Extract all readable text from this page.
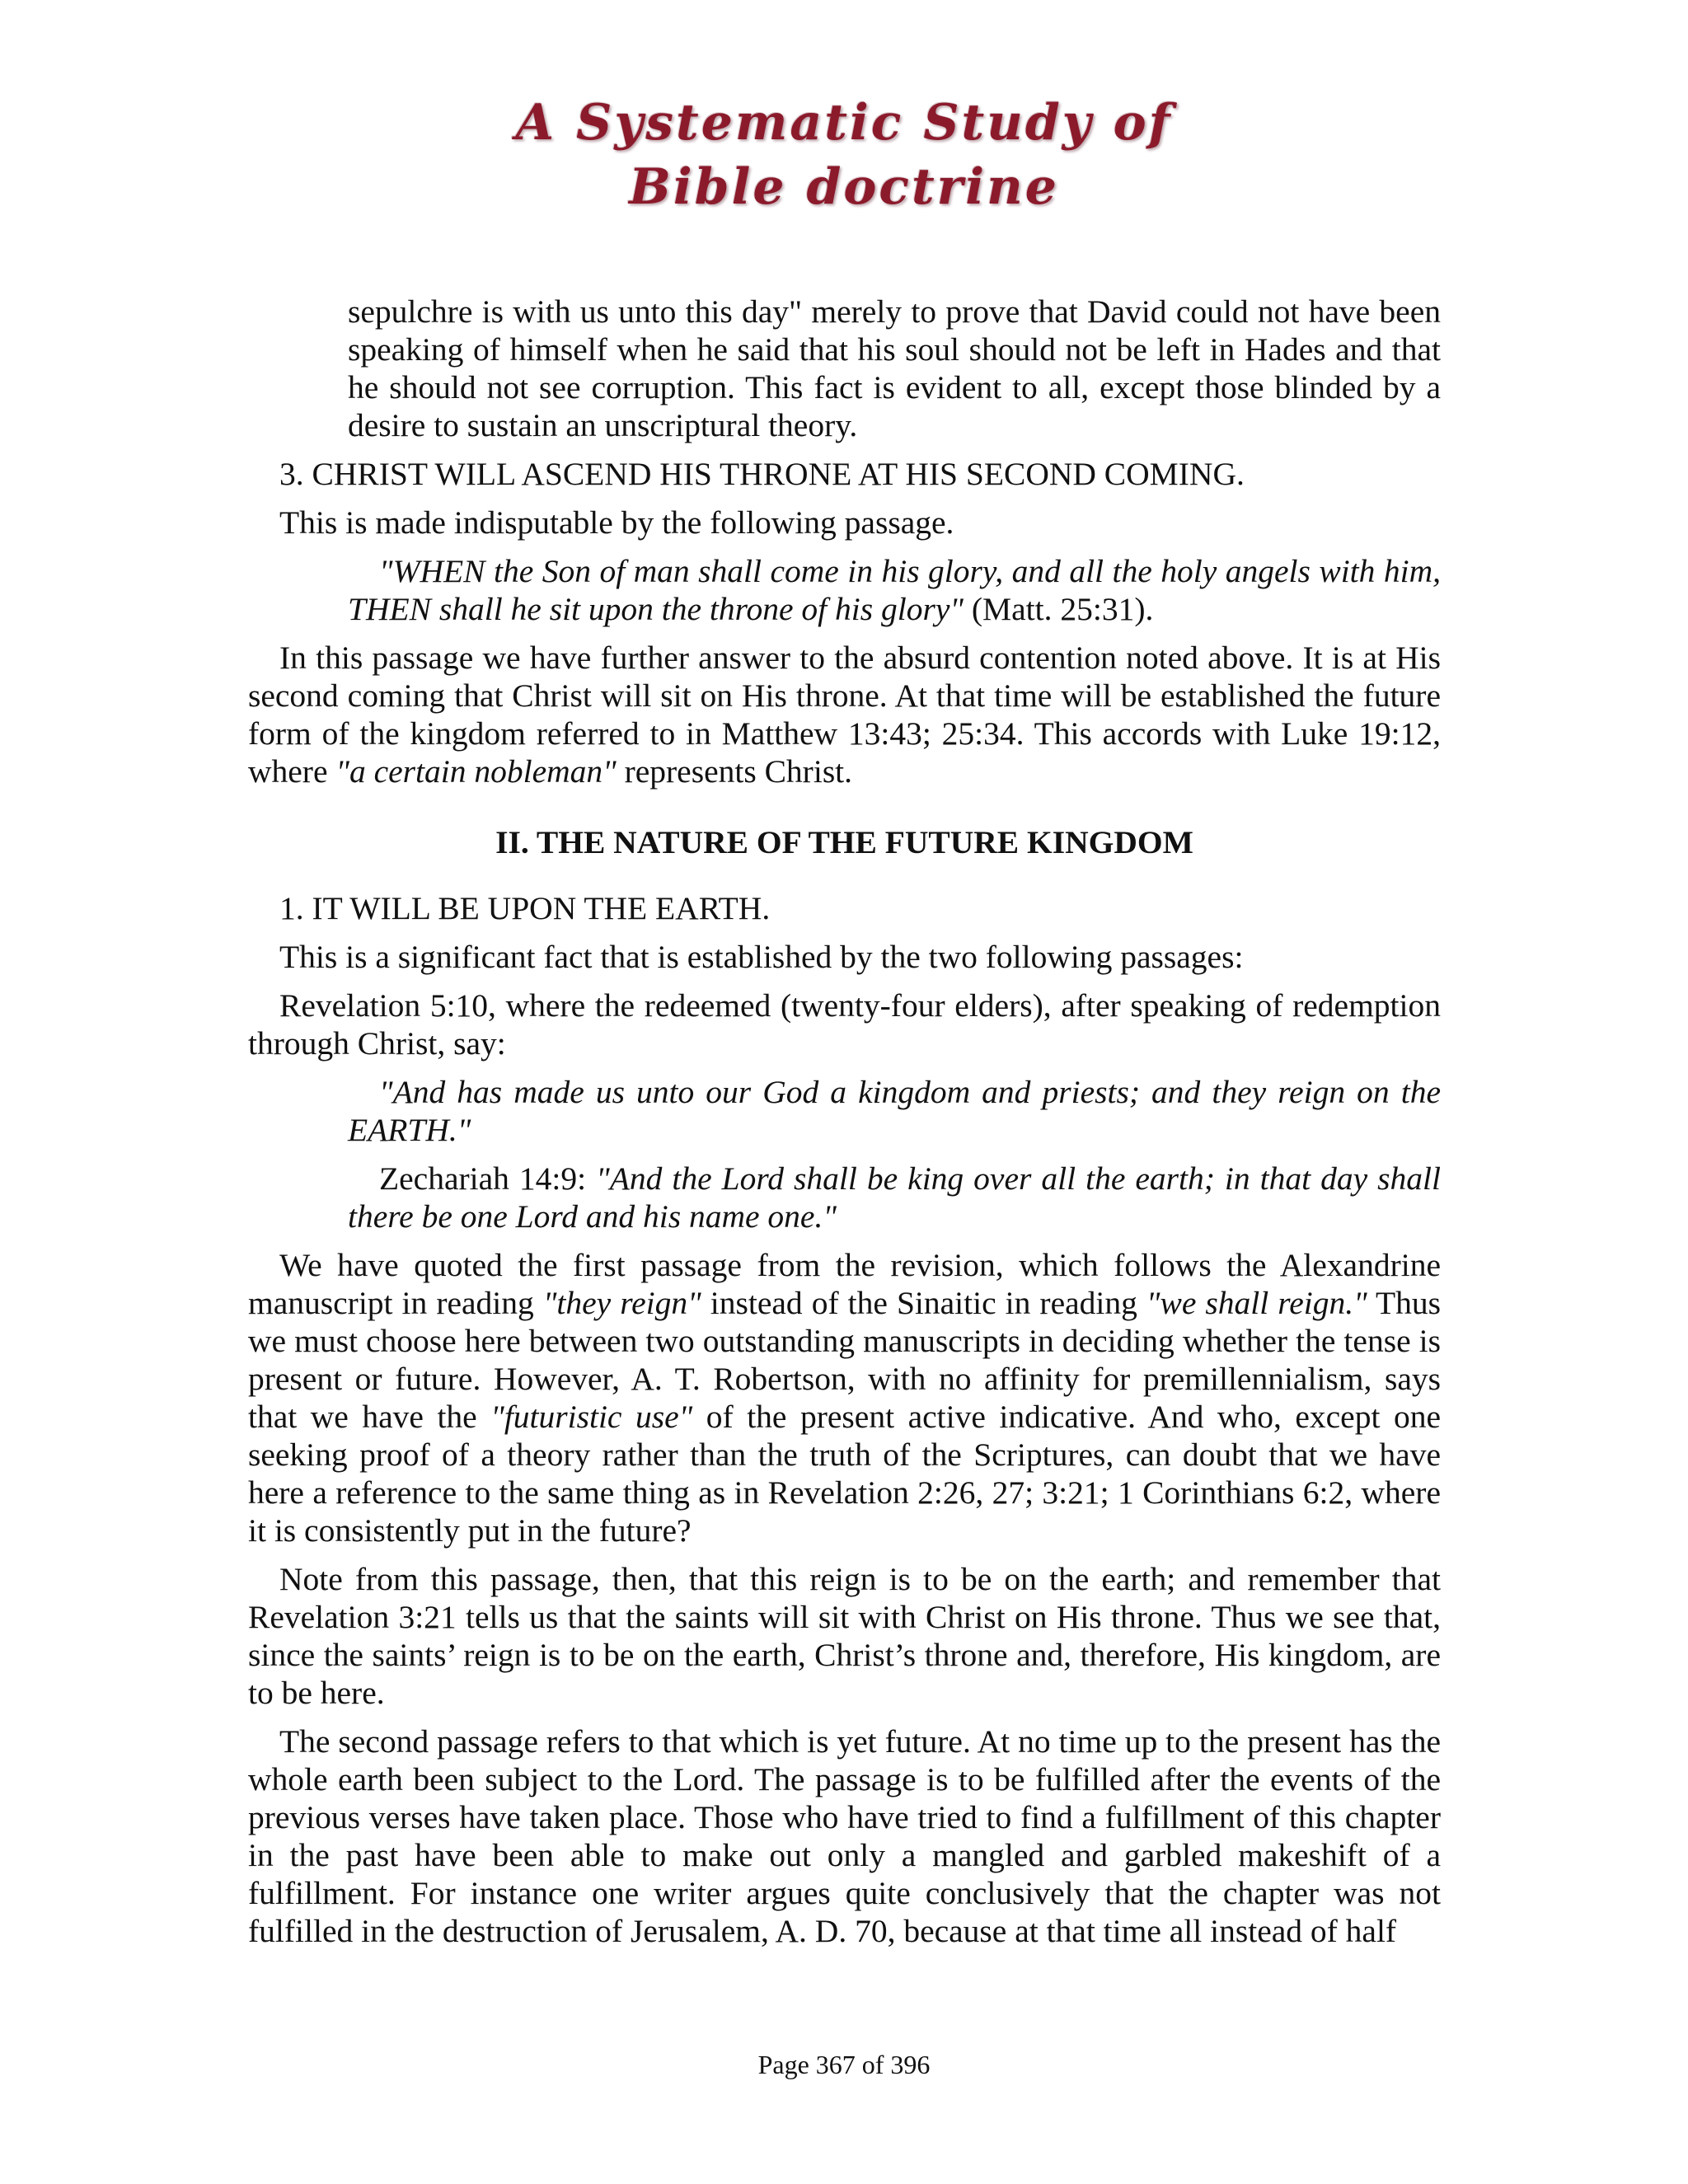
A Systematic Study of
Bible doctrine

sepulchre is with us unto this day" merely to prove that David could not have been speaking of himself when he said that his soul should not be left in Hades and that he should not see corruption. This fact is evident to all, except those blinded by a desire to sustain an unscriptural theory.

3. CHRIST WILL ASCEND HIS THRONE AT HIS SECOND COMING.

This is made indisputable by the following passage.

"WHEN the Son of man shall come in his glory, and all the holy angels with him, THEN shall he sit upon the throne of his glory" (Matt. 25:31).

In this passage we have further answer to the absurd contention noted above. It is at His second coming that Christ will sit on His throne. At that time will be established the future form of the kingdom referred to in Matthew 13:43; 25:34. This accords with Luke 19:12, where "a certain nobleman" represents Christ.

II. THE NATURE OF THE FUTURE KINGDOM

1. IT WILL BE UPON THE EARTH.

This is a significant fact that is established by the two following passages:

Revelation 5:10, where the redeemed (twenty-four elders), after speaking of redemption through Christ, say:

"And has made us unto our God a kingdom and priests; and they reign on the EARTH."

Zechariah 14:9: "And the Lord shall be king over all the earth; in that day shall there be one Lord and his name one."

We have quoted the first passage from the revision, which follows the Alexandrine manuscript in reading "they reign" instead of the Sinaitic in reading "we shall reign." Thus we must choose here between two outstanding manuscripts in deciding whether the tense is present or future. However, A. T. Robertson, with no affinity for premillennialism, says that we have the "futuristic use" of the present active indicative. And who, except one seeking proof of a theory rather than the truth of the Scriptures, can doubt that we have here a reference to the same thing as in Revelation 2:26, 27; 3:21; 1 Corinthians 6:2, where it is consistently put in the future?

Note from this passage, then, that this reign is to be on the earth; and remember that Revelation 3:21 tells us that the saints will sit with Christ on His throne. Thus we see that, since the saints’ reign is to be on the earth, Christ’s throne and, therefore, His kingdom, are to be here.

The second passage refers to that which is yet future. At no time up to the present has the whole earth been subject to the Lord. The passage is to be fulfilled after the events of the previous verses have taken place. Those who have tried to find a fulfillment of this chapter in the past have been able to make out only a mangled and garbled makeshift of a fulfillment. For instance one writer argues quite conclusively that the chapter was not fulfilled in the destruction of Jerusalem, A. D. 70, because at that time all instead of half

Page 367 of 396
